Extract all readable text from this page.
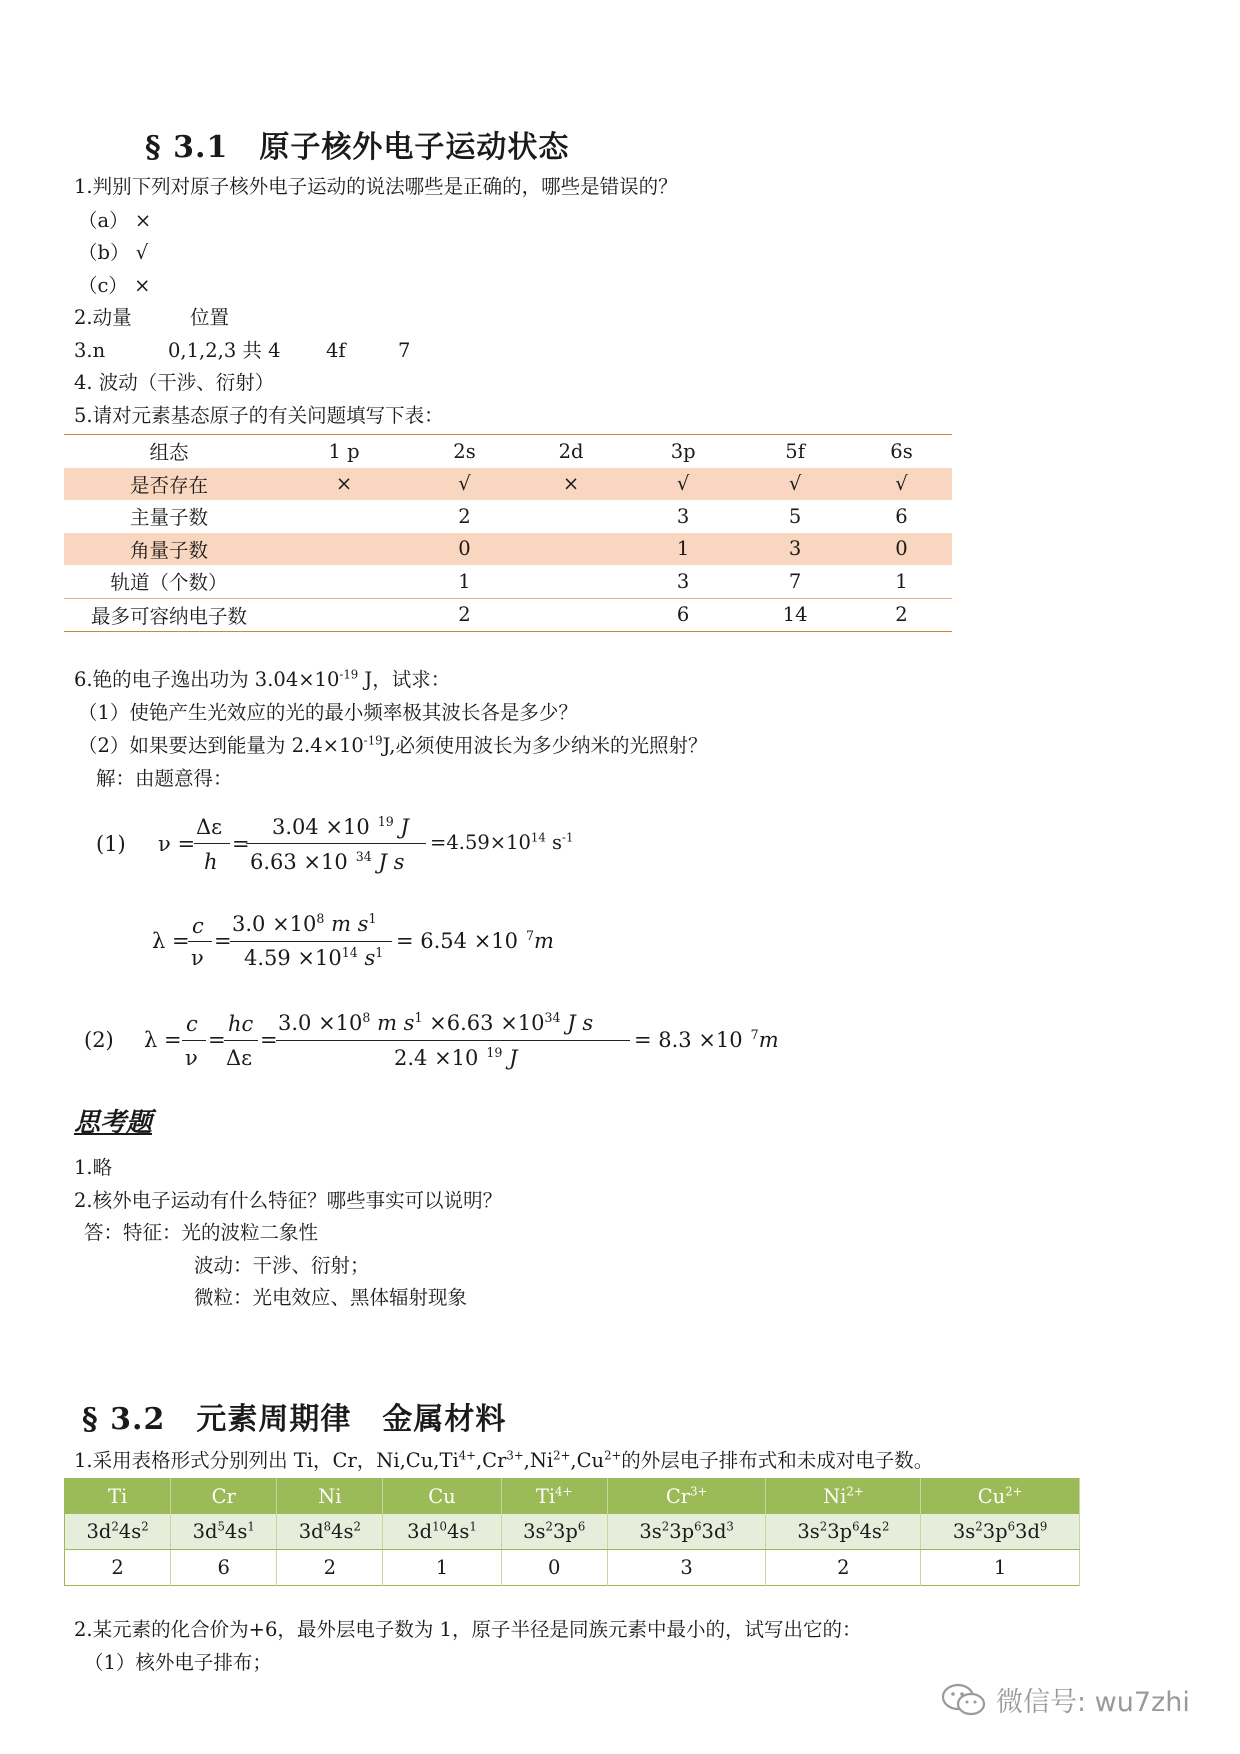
§ 3.1　原子核外电子运动状态
1.判别下列对原子核外电子运动的说法哪些是正确的，哪些是错误的？
（a） ×
（b） √
（c） ×
2.动量	位置
3.n	0,1,2,3 共 4 4f	7
4. 波动（干涉、衍射）
5.请对元素基态原子的有关问题填写下表：
组态	1 p	2s	2d	3p	5f	6s
是否存在	×	√	×	√	√	√
主量子数		2		3	5	6
角量子数		0		1	3	0
轨道（个数）		1		3	7	1
最多可容纳电子数		2		6	14	2
6.铯的电子逸出功为 $3.04\times 10^{-19}$ J，试求：
（1）使铯产生光效应的光的最小频率极其波长各是多少？
（2）如果要达到能量为 $2.4\times 10^{-19}J$,必须使用波长为多少纳米的光照射？
解：由题意得：
(1) ν =
Δε
h
=
3.04 ×10 $^{19}$ J
6.63 ×10 $^{34}$ J s
$=4.59\times 10^{14}$ $s^{-1}$
λ =
c
ν
=
$3.0 \times 10^8$ m $s^1$
$4.59 \times 10^{14}$ $s^1 = 6.54 \times 10$ $^7$m
(2) λ =
c
ν
=
hc
Δε
=
$3.0 \times 10^8$ m $s^1 \times 6.63 \times 10^{34}$ J s
2.4 ×10 $^{19}$ J
= 8.3 ×10 $^7$m
思考题
1.略
2.核外电子运动有什么特征？哪些事实可以说明？
答：特征：光的波粒二象性
波动：干涉、衍射；
微粒：光电效应、黑体辐射现象
§ 3.2　元素周期律　金属材料
1.采用表格形式分别列出 Ti，Cr，$Ni,Cu,Ti^{4+},Cr^{3+},Ni^{2+},Cu^{2+}$的外层电子排布式和未成对电子数。
Ti	Cr	Ni	Cu	$Ti^{4+}$	$Cr^{3+}$	$Ni^{2+}$	$Cu^{2+}$
$3d^24s^2$	$3d^54s^1$	$3d^84s^2$	$3d^{10}4s^1$	$3s^23p^6$	$3s^23p^63d^3$	$3s^23p^64s^2$	$3s^23p^63d^9$
2	6	2	1	0	3	2	1
2.某元素的化合价为+6，最外层电子数为 1，原子半径是同族元素中最小的，试写出它的：
（1）核外电子排布；
微信号: wu7zhi
